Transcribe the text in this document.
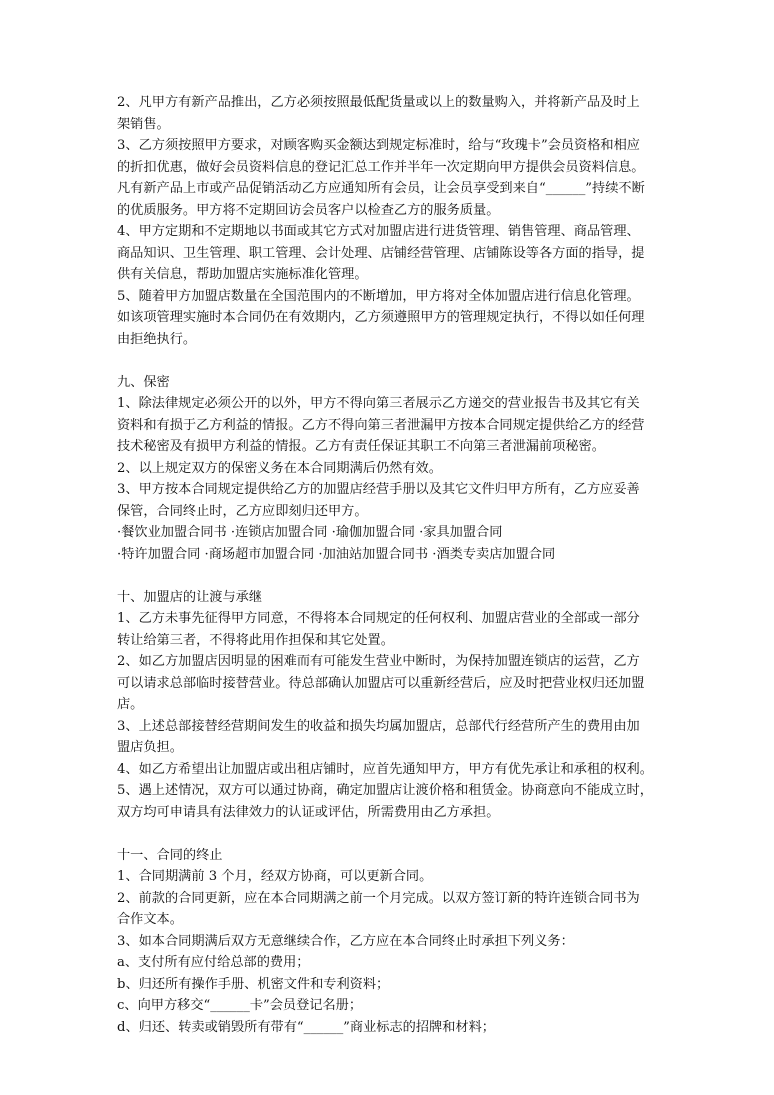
2、凡甲方有新产品推出，乙方必须按照最低配货量或以上的数量购入，并将新产品及时上

架销售。

3、乙方须按照甲方要求，对顾客购买金额达到规定标准时，给与“玫瑰卡”会员资格和相应

的折扣优惠，做好会员资料信息的登记汇总工作并半年一次定期向甲方提供会员资料信息。

凡有新产品上市或产品促销活动乙方应通知所有会员，让会员享受到来自“______”持续不断

的优质服务。甲方将不定期回访会员客户以检查乙方的服务质量。

4、甲方定期和不定期地以书面或其它方式对加盟店进行进货管理、销售管理、商品管理、

商品知识、卫生管理、职工管理、会计处理、店铺经营管理、店铺陈设等各方面的指导，提

供有关信息，帮助加盟店实施标准化管理。

5、随着甲方加盟店数量在全国范围内的不断增加，甲方将对全体加盟店进行信息化管理。

如该项管理实施时本合同仍在有效期内，乙方须遵照甲方的管理规定执行，不得以如任何理

由拒绝执行。

九、保密

1、除法律规定必须公开的以外，甲方不得向第三者展示乙方递交的营业报告书及其它有关

资料和有损于乙方利益的情报。乙方不得向第三者泄漏甲方按本合同规定提供给乙方的经营

技术秘密及有损甲方利益的情报。乙方有责任保证其职工不向第三者泄漏前项秘密。

2、以上规定双方的保密义务在本合同期满后仍然有效。

3、甲方按本合同规定提供给乙方的加盟店经营手册以及其它文件归甲方所有，乙方应妥善

保管，合同终止时，乙方应即刻归还甲方。

·餐饮业加盟合同书 ·连锁店加盟合同 ·瑜伽加盟合同 ·家具加盟合同

·特许加盟合同 ·商场超市加盟合同 ·加油站加盟合同书 ·酒类专卖店加盟合同

十、加盟店的让渡与承继

1、乙方未事先征得甲方同意，不得将本合同规定的任何权利、加盟店营业的全部或一部分

转让给第三者，不得将此用作担保和其它处置。

2、如乙方加盟店因明显的困难而有可能发生营业中断时，为保持加盟连锁店的运营，乙方

可以请求总部临时接替营业。待总部确认加盟店可以重新经营后，应及时把营业权归还加盟

店。

3、上述总部接替经营期间发生的收益和损失均属加盟店，总部代行经营所产生的费用由加

盟店负担。

4、如乙方希望出让加盟店或出租店铺时，应首先通知甲方，甲方有优先承让和承租的权利。

5、遇上述情况，双方可以通过协商，确定加盟店让渡价格和租赁金。协商意向不能成立时，

双方均可申请具有法律效力的认证或评估，所需费用由乙方承担。

十一、合同的终止

1、合同期满前 3 个月，经双方协商，可以更新合同。

2、前款的合同更新，应在本合同期满之前一个月完成。以双方签订新的特许连锁合同书为

合作文本。

3、如本合同期满后双方无意继续合作，乙方应在本合同终止时承担下列义务：

a、支付所有应付给总部的费用；

b、归还所有操作手册、机密文件和专利资料；

c、向甲方移交“______卡”会员登记名册；

d、归还、转卖或销毁所有带有“______”商业标志的招牌和材料；
